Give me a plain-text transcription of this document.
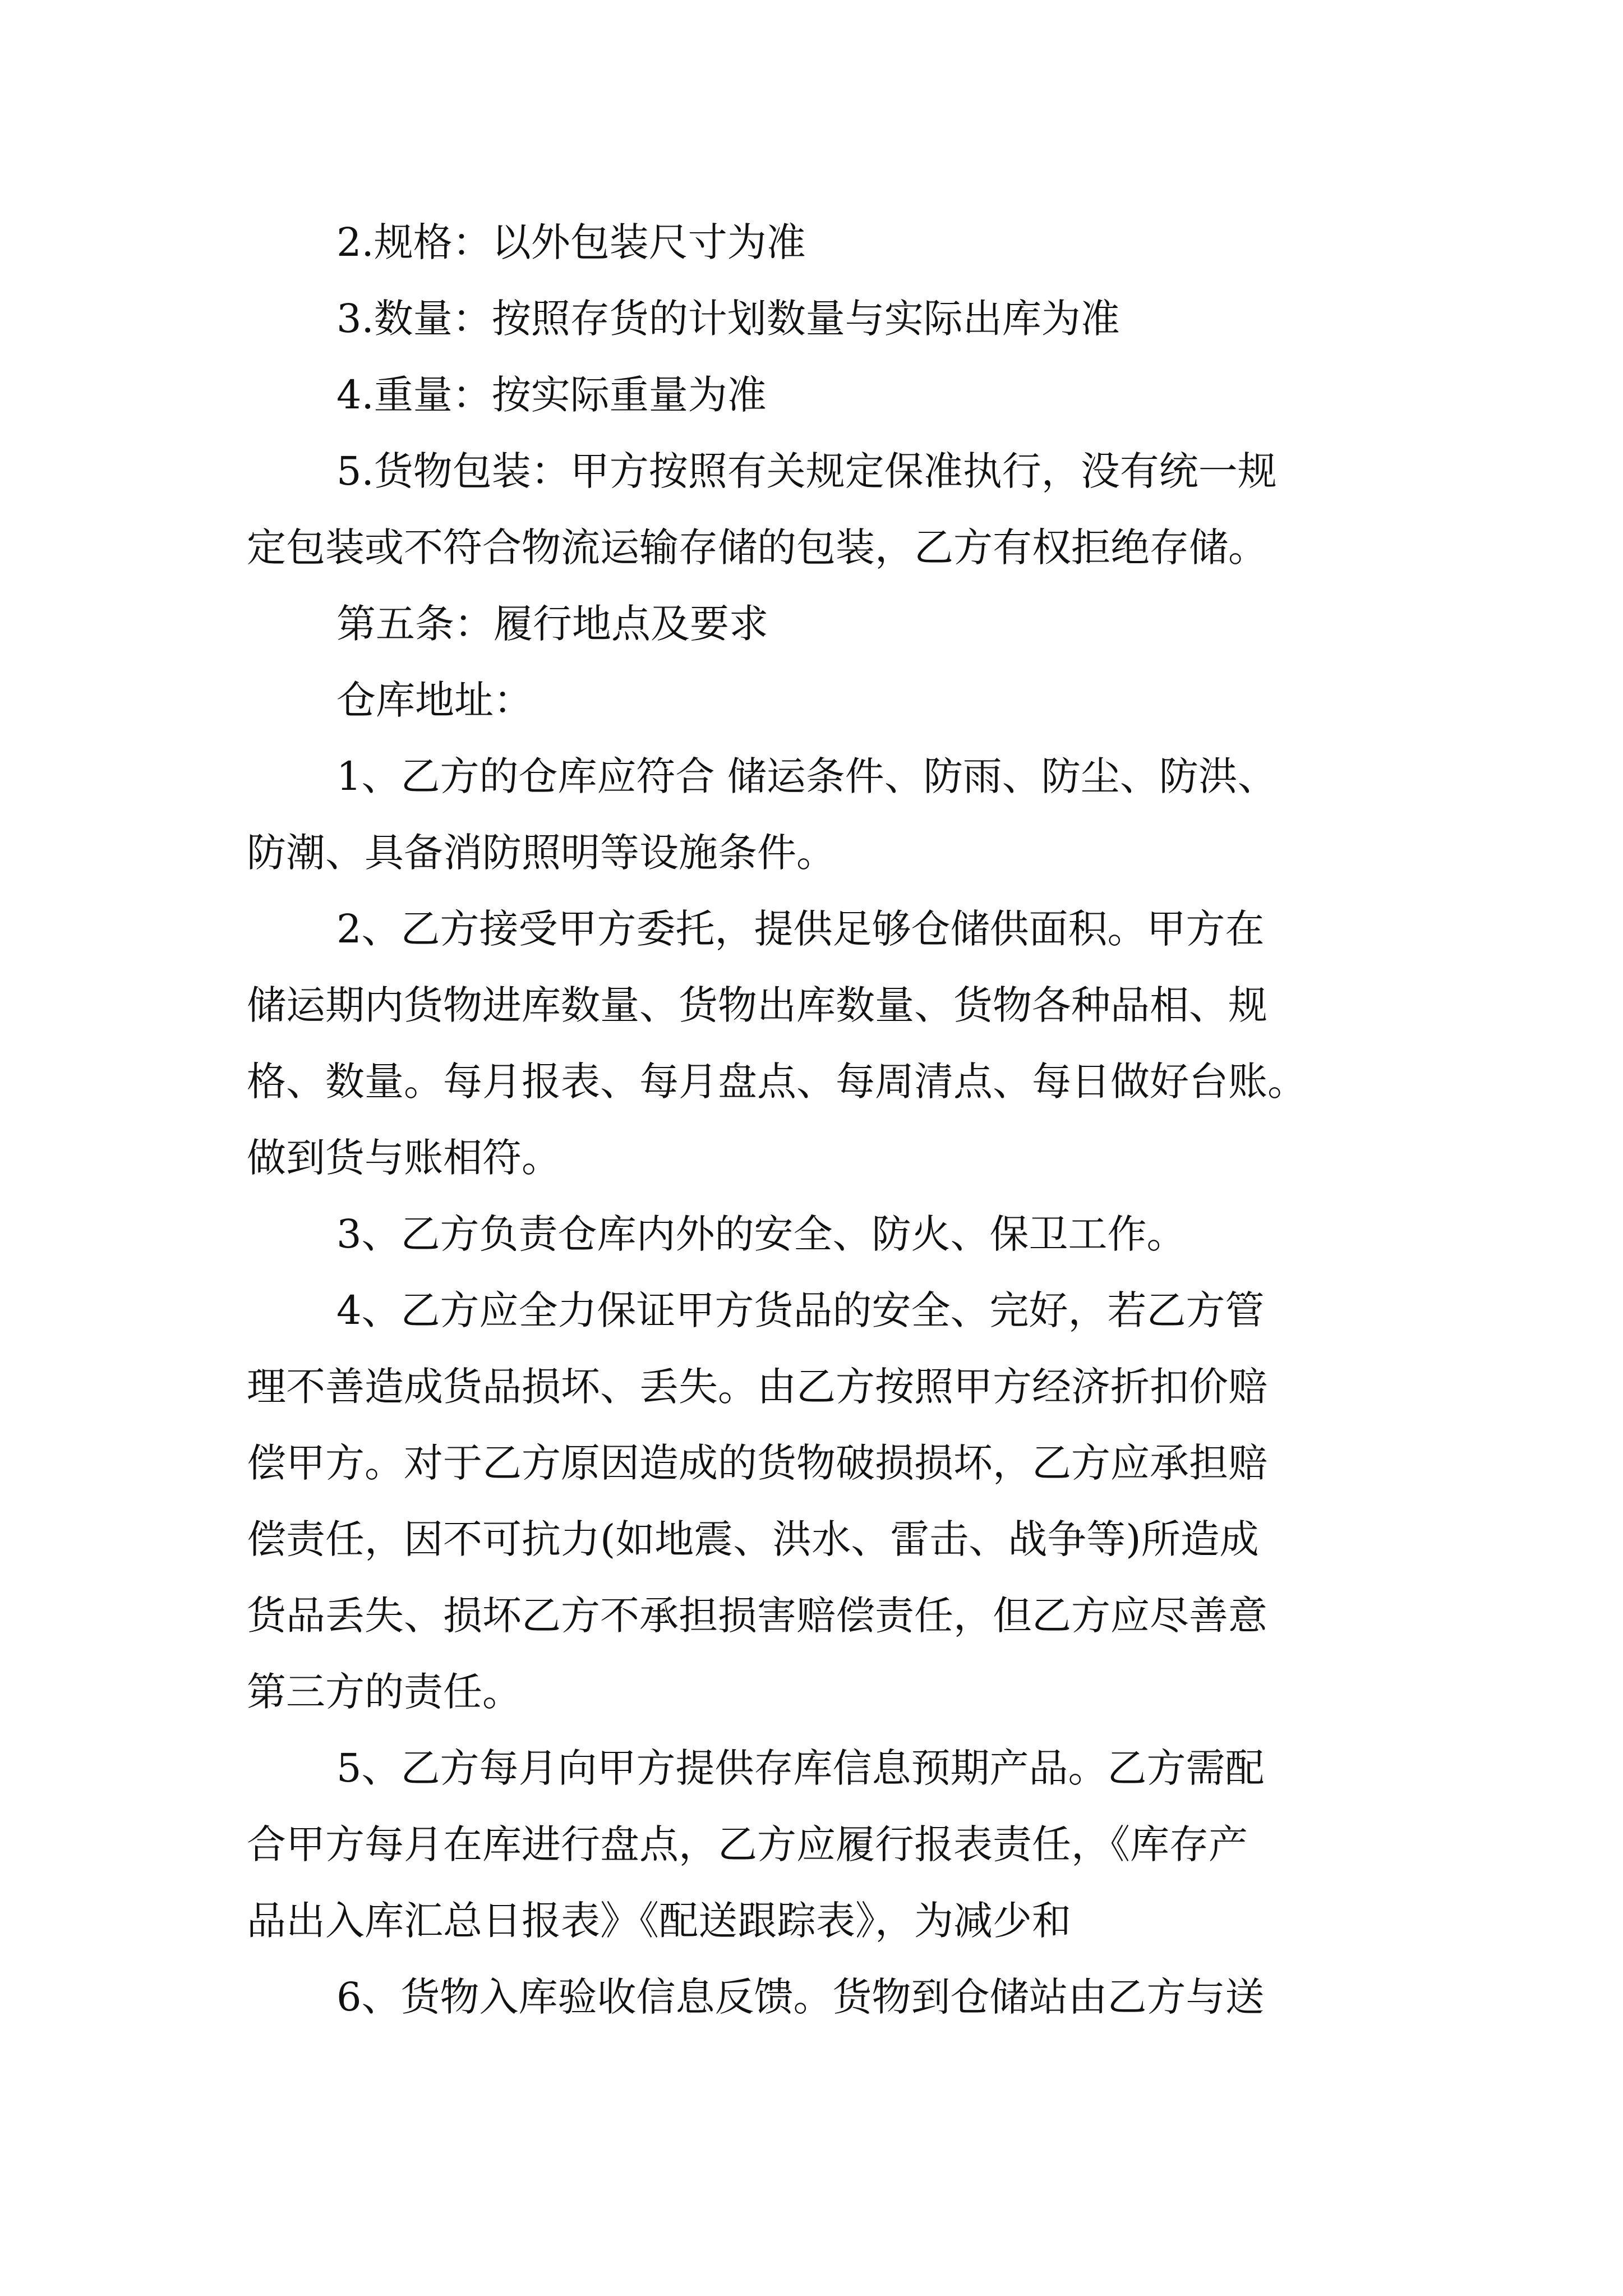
2.规格：以外包装尺寸为准
3.数量：按照存货的计划数量与实际出库为准
4.重量：按实际重量为准
5.货物包装：甲方按照有关规定保准执行，没有统一规
定包装或不符合物流运输存储的包装，乙方有权拒绝存储。
第五条：履行地点及要求
仓库地址：
1、乙方的仓库应符合 储运条件、防雨、防尘、防洪、
防潮、具备消防照明等设施条件。
2、乙方接受甲方委托，提供足够仓储供面积。甲方在
储运期内货物进库数量、货物出库数量、货物各种品相、规
格、数量。每月报表、每月盘点、每周清点、每日做好台账。
做到货与账相符。
3、乙方负责仓库内外的安全、防火、保卫工作。
4、乙方应全力保证甲方货品的安全、完好，若乙方管
理不善造成货品损坏、丢失。由乙方按照甲方经济折扣价赔
偿甲方。对于乙方原因造成的货物破损损坏，乙方应承担赔
偿责任，因不可抗力(如地震、洪水、雷击、战争等)所造成
货品丢失、损坏乙方不承担损害赔偿责任，但乙方应尽善意
第三方的责任。
5、乙方每月向甲方提供存库信息预期产品。乙方需配
合甲方每月在库进行盘点，乙方应履行报表责任，《库存产
品出入库汇总日报表》《配送跟踪表》，为减少和
6、货物入库验收信息反馈。货物到仓储站由乙方与送
